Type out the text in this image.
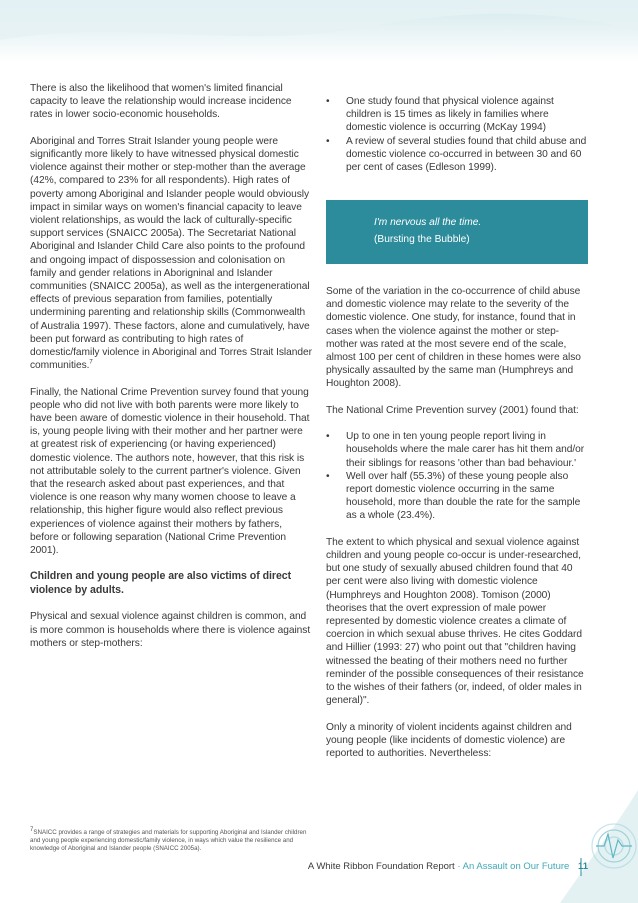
There is also the likelihood that women's limited financial capacity to leave the relationship would increase incidence rates in lower socio-economic households.

Aboriginal and Torres Strait Islander young people were significantly more likely to have witnessed physical domestic violence against their mother or step-mother than the average (42%, compared to 23% for all respondents). High rates of poverty among Aboriginal and Islander people would obviously impact in similar ways on women's financial capacity to leave violent relationships, as would the lack of culturally-specific support services (SNAICC 2005a). The Secretariat National Aboriginal and Islander Child Care also points to the profound and ongoing impact of dispossession and colonisation on family and gender relations in Aborigninal and Islander communities (SNAICC 2005a), as well as the intergenerational effects of previous separation from families, potentially undermining parenting and relationship skills (Commonwealth of Australia 1997). These factors, alone and cumulatively, have been put forward as contributing to high rates of domestic/family violence in Aboriginal and Torres Strait Islander communities.$^7$

Finally, the National Crime Prevention survey found that young people who did not live with both parents were more likely to have been aware of domestic violence in their household. That is, young people living with their mother and her partner were at greatest risk of experiencing (or having experienced) domestic violence. The authors note, however, that this risk is not attributable solely to the current partner's violence. Given that the research asked about past experiences, and that violence is one reason why many women choose to leave a relationship, this higher figure would also reflect previous experiences of violence against their mothers by fathers, before or following separation (National Crime Prevention 2001).

Children and young people are also victims of direct violence by adults.

Physical and sexual violence against children is common, and is more common is households where there is violence against mothers or step-mothers:

• One study found that physical violence against children is 15 times as likely in families where domestic violence is occurring (McKay 1994)
• A review of several studies found that child abuse and domestic violence co-occurred in between 30 and 60 per cent of cases (Edleson 1999).
I'm nervous all the time.
(Bursting the Bubble)

Some of the variation in the co-occurrence of child abuse and domestic violence may relate to the severity of the domestic violence. One study, for instance, found that in cases when the violence against the mother or step-mother was rated at the most severe end of the scale, almost 100 per cent of children in these homes were also physically assaulted by the same man (Humphreys and Houghton 2008).

The National Crime Prevention survey (2001) found that:

• Up to one in ten young people report living in households where the male carer has hit them and/or their siblings for reasons 'other than bad behaviour.'
• Well over half (55.3%) of these young people also report domestic violence occurring in the same household, more than double the rate for the sample as a whole (23.4%).

The extent to which physical and sexual violence against children and young people co-occur is under-researched, but one study of sexually abused children found that 40 per cent were also living with domestic violence (Humphreys and Houghton 2008). Tomison (2000) theorises that the overt expression of male power represented by domestic violence creates a climate of coercion in which sexual abuse thrives. He cites Goddard and Hillier (1993: 27) who point out that "children having witnessed the beating of their mothers need no further reminder of the possible consequences of their resistance to the wishes of their fathers (or, indeed, of older males in general)".

Only a minority of violent incidents against children and young people (like incidents of domestic violence) are reported to authorities. Nevertheless:

$^7$SNAICC provides a range of strategies and materials for supporting Aboriginal and Islander children and young people experiencing domestic/family violence, in ways which value the resilience and knowledge of Aboriginal and Islander people (SNAICC 2005a).
A White Ribbon Foundation Report · An Assault on Our Future 11
